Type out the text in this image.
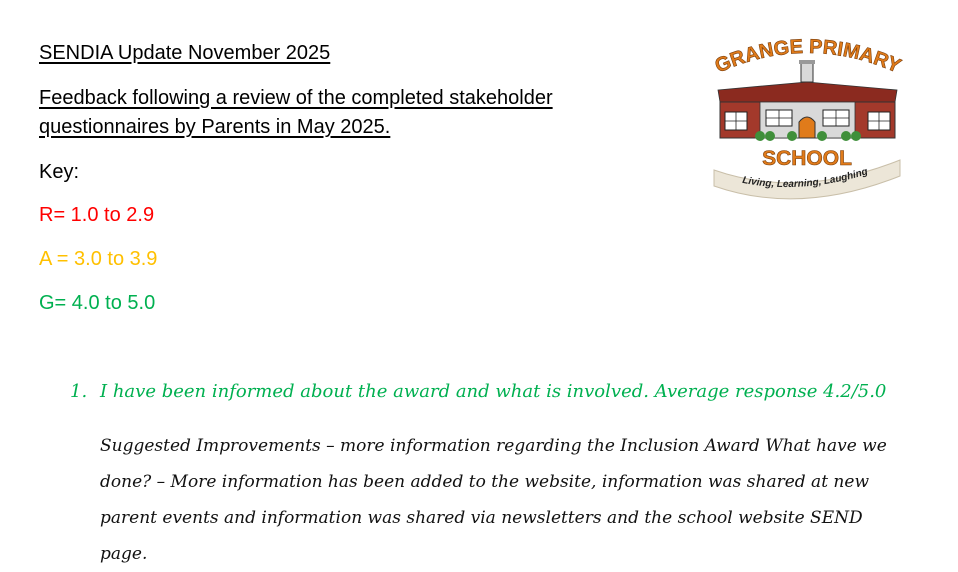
SENDIA Update November 2025
Feedback following a review of the completed stakeholder
questionnaires by Parents in May 2025.
Key:
R= 1.0 to 2.9
A = 3.0 to 3.9
G= 4.0 to 5.0
1. I have been informed about the award and what is involved. Average response 4.2/5.0
Suggested Improvements – more information regarding the Inclusion Award What have we
done? – More information has been added to the website, information was shared at new
parent events and information was shared via newsletters and the school website SEND page.
GRANGE PRIMARY
SCHOOL
Living, Learning, Laughing
